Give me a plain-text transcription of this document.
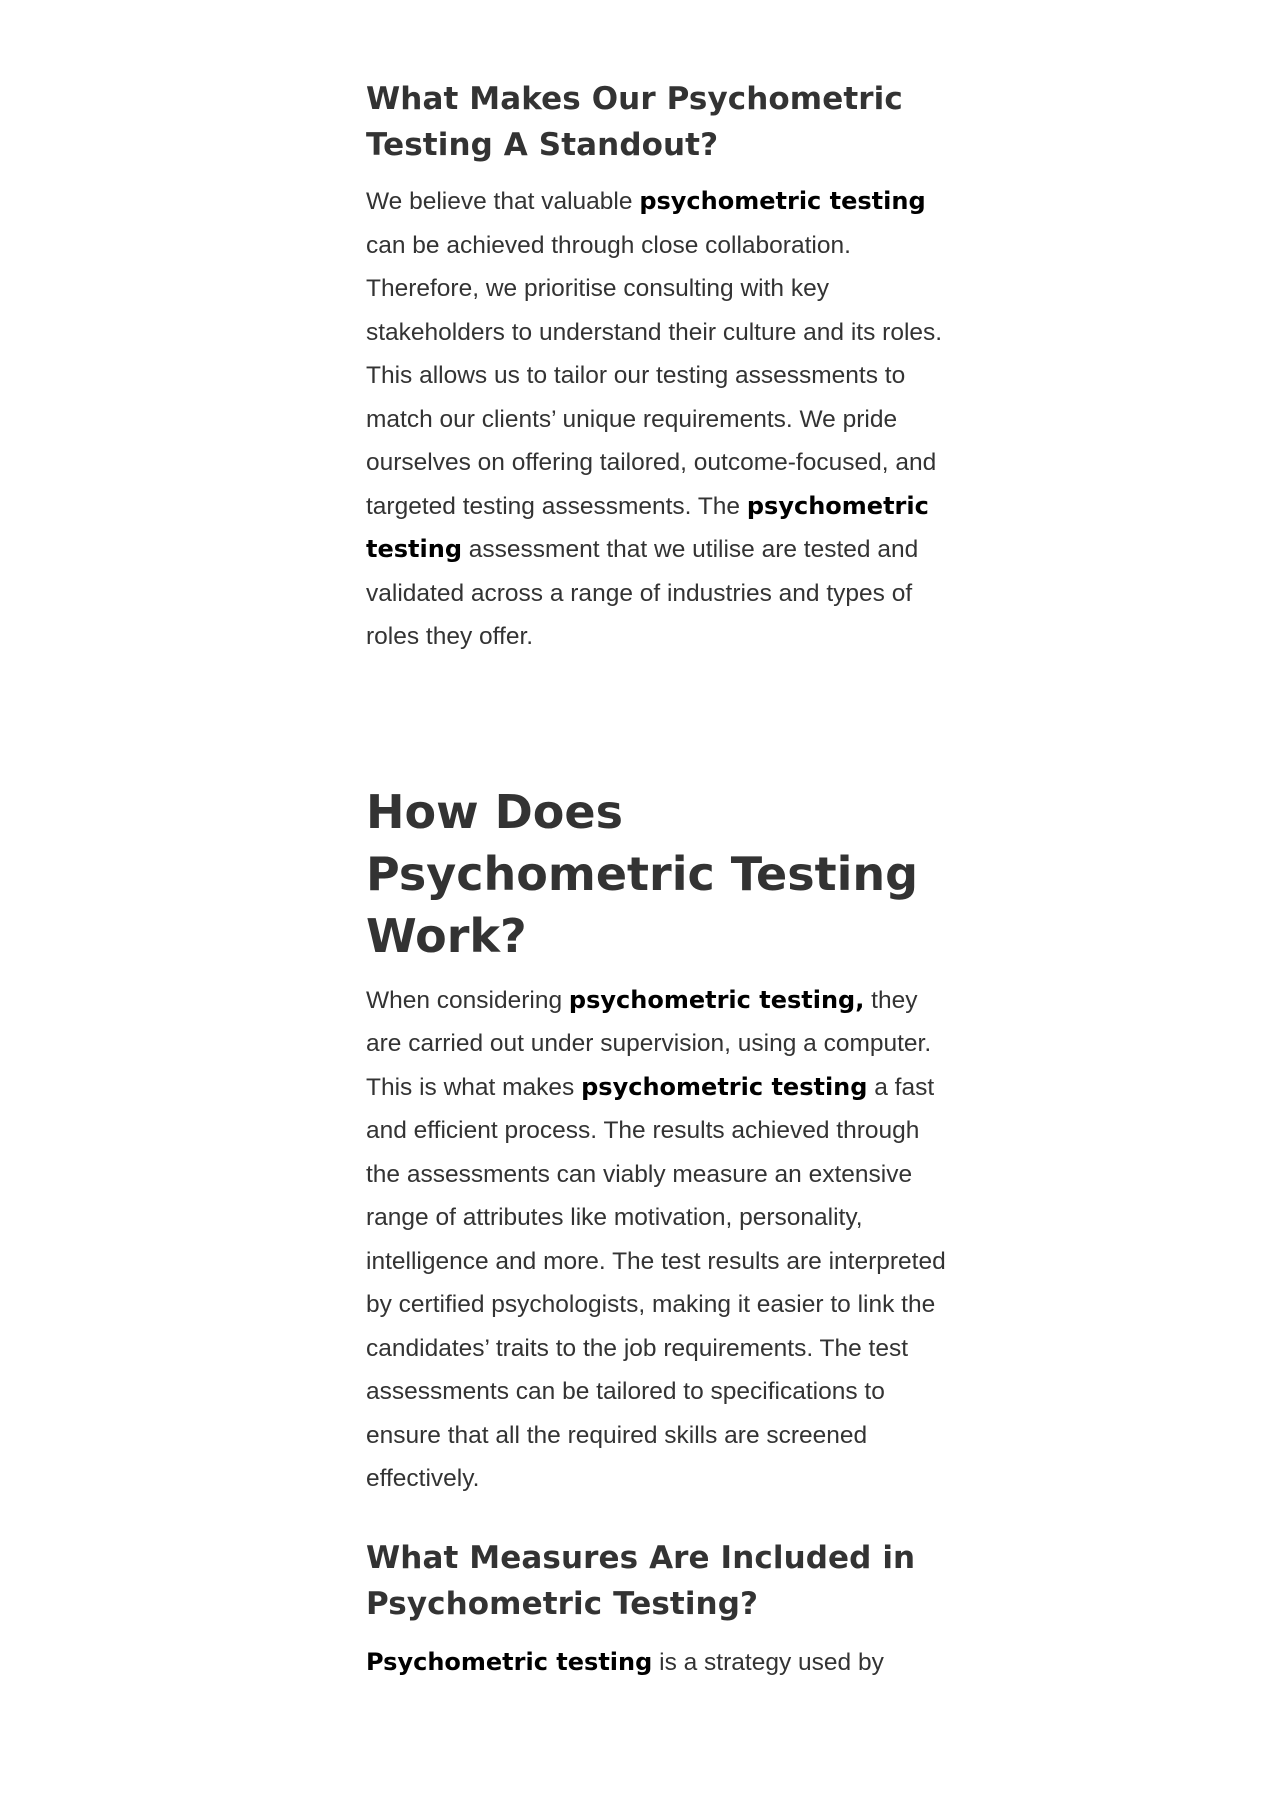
What Makes Our Psychometric Testing A Standout?

We believe that valuable psychometric testing can be achieved through close collaboration. Therefore, we prioritise consulting with key stakeholders to understand their culture and its roles. This allows us to tailor our testing assessments to match our clients’ unique requirements. We pride ourselves on offering tailored, outcome-focused, and targeted testing assessments. The psychometric testing assessment that we utilise are tested and validated across a range of industries and types of roles they offer.

How Does Psychometric Testing Work?

When considering psychometric testing, they are carried out under supervision, using a computer. This is what makes psychometric testing a fast and efficient process. The results achieved through the assessments can viably measure an extensive range of attributes like motivation, personality, intelligence and more. The test results are interpreted by certified psychologists, making it easier to link the candidates’ traits to the job requirements. The test assessments can be tailored to specifications to ensure that all the required skills are screened effectively.

What Measures Are Included in Psychometric Testing?

Psychometric testing is a strategy used by
